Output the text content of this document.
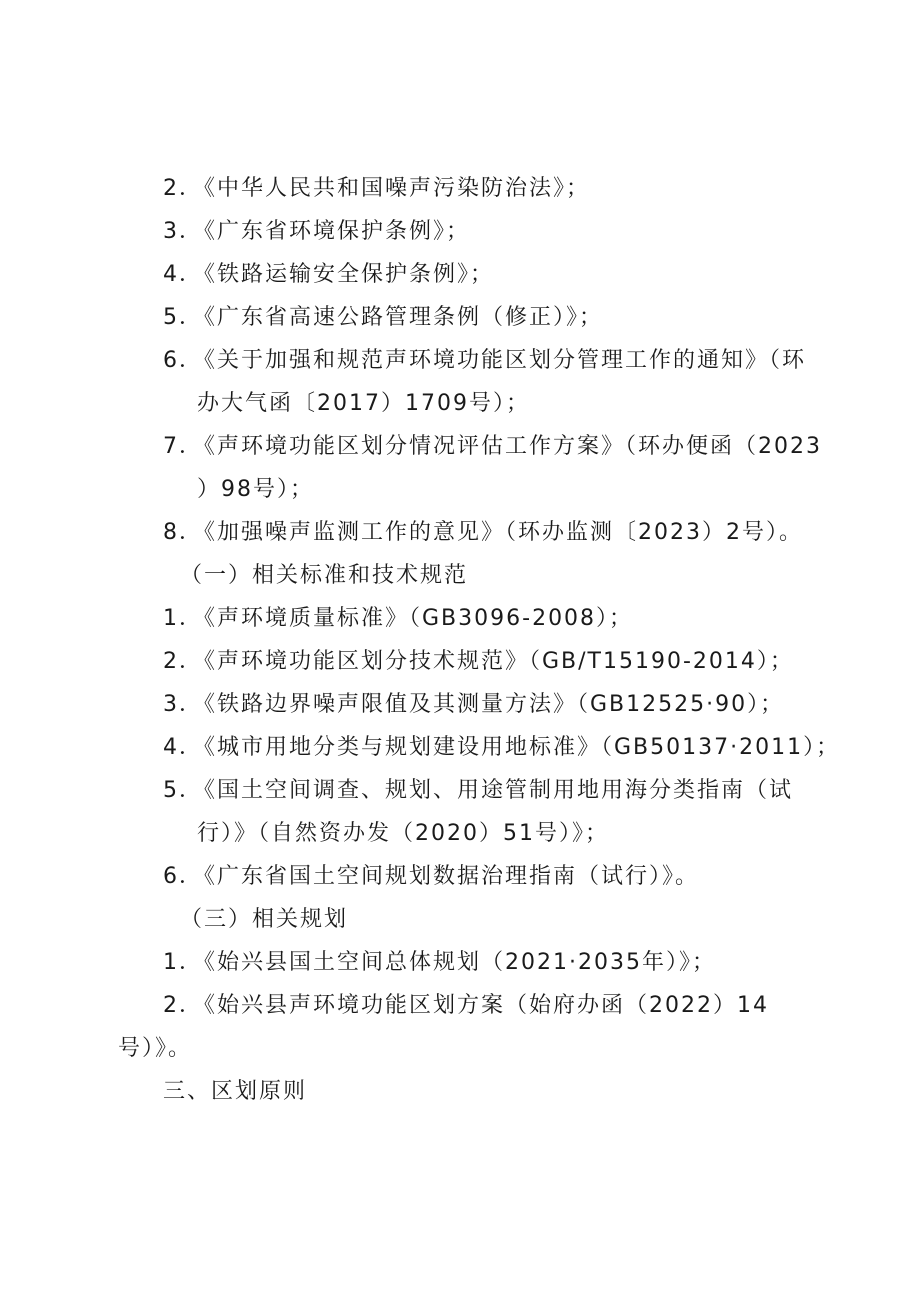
2．《中华人民共和国噪声污染防治法》；
3．《广东省环境保护条例》；
4．《铁路运输安全保护条例》；
5．《广东省高速公路管理条例（修正）》；
6．《关于加强和规范声环境功能区划分管理工作的通知》（环
办大气函〔2017）1709号）；
7．《声环境功能区划分情况评估工作方案》（环办便函（2023
）98号）；
8．《加强噪声监测工作的意见》（环办监测〔2023）2号）。
（一）相关标准和技术规范
1．《声环境质量标准》（GB3096-2008）；
2．《声环境功能区划分技术规范》（GB/T15190-2014）；
3．《铁路边界噪声限值及其测量方法》（GB12525·90）；
4．《城市用地分类与规划建设用地标准》（GB50137·2011）；
5．《国土空间调查、规划、用途管制用地用海分类指南（试
行）》（自然资办发（2020）51号）》；
6．《广东省国土空间规划数据治理指南（试行）》。
（三）相关规划
1．《始兴县国土空间总体规划（2021·2035年）》；
2．《始兴县声环境功能区划方案（始府办函（2022）14
号）》。
三、区划原则
